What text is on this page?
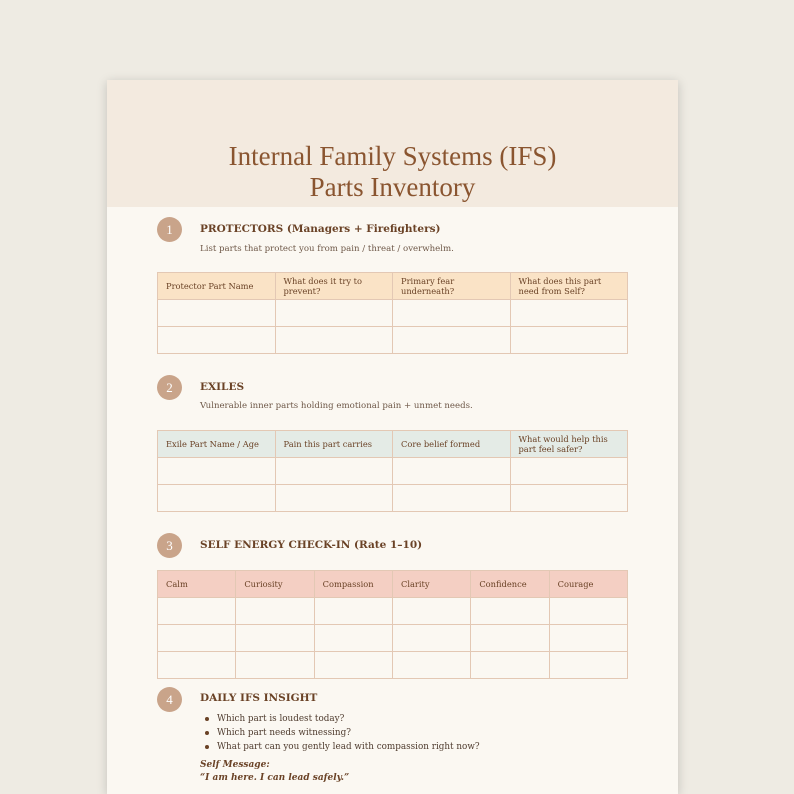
Internal Family Systems (IFS)
Parts Inventory
1	PROTECTORS (Managers + Firefighters)
List parts that protect you from pain / threat / overwhelm.
Protector Part Name	What does it try to prevent?	Primary fear underneath?	What does this part need from Self?

2	EXILES
Vulnerable inner parts holding emotional pain + unmet needs.
Exile Part Name / Age	Pain this part carries	Core belief formed	What would help this part feel safer?

3	SELF ENERGY CHECK-IN (Rate 1–10)
Calm	Curiosity	Compassion	Clarity	Confidence	Courage

4	DAILY IFS INSIGHT
Which part is loudest today?
Which part needs witnessing?
What part can you gently lead with compassion right now?
Self Message:
“I am here. I can lead safely.”
